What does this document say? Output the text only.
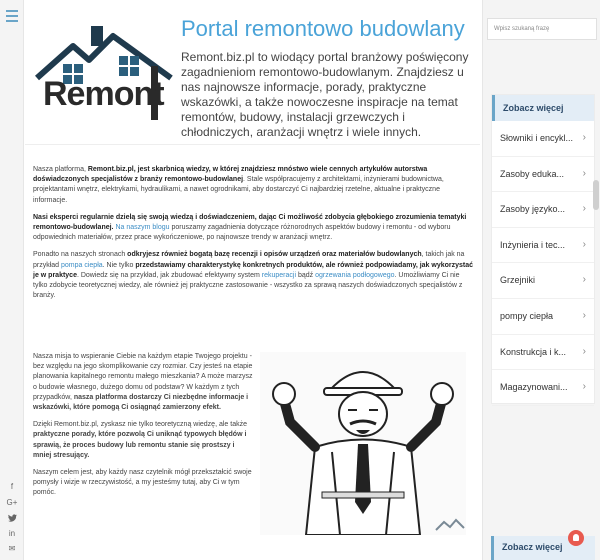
f
G+
in
✉
Remont
Portal remontowo budowlany
Remont.biz.pl to wiodący portal branżowy poświęcony zagadnieniom remontowo-budowlanym. Znajdziesz u nas najnowsze informacje, porady, praktyczne wskazówki, a także nowoczesne inspiracje na temat remontów, budowy, instalacji grzewczych i chłodniczych, aranżacji wnętrz i wiele innych.

Nasza platforma, Remont.biz.pl, jest skarbnicą wiedzy, w której znajdziesz mnóstwo wiele cennych artykułów autorstwa doświadczonych specjalistów z branży remontowo-budowlanej. Stale współpracujemy z architektami, inżynierami budownictwa, projektantami wnętrz, elektrykami, hydraulikami, a nawet ogrodnikami, aby dostarczyć Ci najbardziej rzetelne, aktualne i praktyczne informacje.

Nasi eksperci regularnie dzielą się swoją wiedzą i doświadczeniem, dając Ci możliwość zdobycia głębokiego zrozumienia tematyki remontowo-budowlanej. Na naszym blogu poruszamy zagadnienia dotyczące różnorodnych aspektów budowy i remontu - od wyboru odpowiednich materiałów, przez prace wykończeniowe, po najnowsze trendy w aranżacji wnętrz.

Ponadto na naszych stronach odkryjesz również bogatą bazę recenzji i opisów urządzeń oraz materiałów budowlanych, takich jak na przykład pompa ciepła. Nie tylko przedstawiamy charakterystykę konkretnych produktów, ale również podpowiadamy, jak wykorzystać je w praktyce. Dowiedz się na przykład, jak zbudować efektywny system rekuperacji bądź ogrzewania podłogowego. Umożliwiamy Ci nie tylko zdobycie teoretycznej wiedzy, ale również jej praktyczne zastosowanie - wszystko za sprawą naszych doświadczonych specjalistów z branży.

Nasza misja to wspieranie Ciebie na każdym etapie Twojego projektu - bez względu na jego skomplikowanie czy rozmiar. Czy jesteś na etapie planowania kapitalnego remontu małego mieszkania? A może marzysz o budowie własnego, dużego domu od podstaw? W każdym z tych przypadków, nasza platforma dostarczy Ci niezbędne informacje i wskazówki, które pomogą Ci osiągnąć zamierzony efekt.

Dzięki Remont.biz.pl, zyskasz nie tylko teoretyczną wiedzę, ale także praktyczne porady, które pozwolą Ci uniknąć typowych błędów i sprawią, że proces budowy lub remontu stanie się prostszy i mniej stresujący.

Naszym celem jest, aby każdy nasz czytelnik mógł przekształcić swoje pomysły i wizje w rzeczywistość, a my jesteśmy tutaj, aby Ci w tym pomóc.

Wpisz szukaną frazę
Zobacz więcej
Słowniki i encykl... ›
Zasoby eduka... ›
Zasoby języko... ›
Inżynieria i tec... ›
Grzejniki	›
pompy ciepła	›
Konstrukcja i k... ›
Magazynowani... ›
Zobacz więcej
